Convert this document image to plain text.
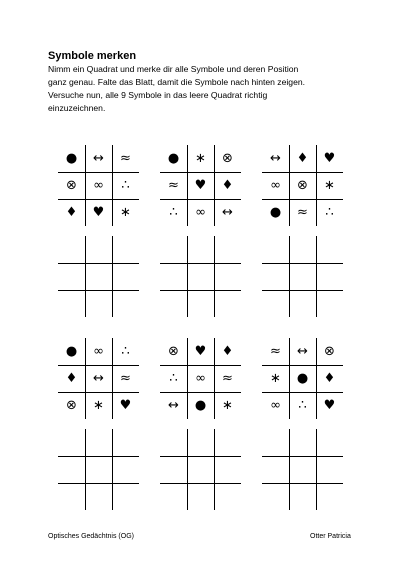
Symbole merken
Nimm ein Quadrat und merke dir alle Symbole und deren Position
ganz genau. Falte das Blatt, damit die Symbole nach hinten zeigen.
Versuche nun, alle 9 Symbole in das leere Quadrat richtig
einzuzeichnen.
●	↔	≈
⊗	∞	∴
♦	♥	∗
●	∗	⊗
≈	♥	♦
∴	∞	↔
↔	♦	♥
∞	⊗	∗
●	≈	∴
●	∞	∴
♦	↔	≈
⊗	∗	♥
⊗	♥	♦
∴	∞	≈
↔	●	∗
≈	↔	⊗
∗	●	♦
∞	∴	♥
Optisches Gedächtnis (OG)	Otter Patricia
